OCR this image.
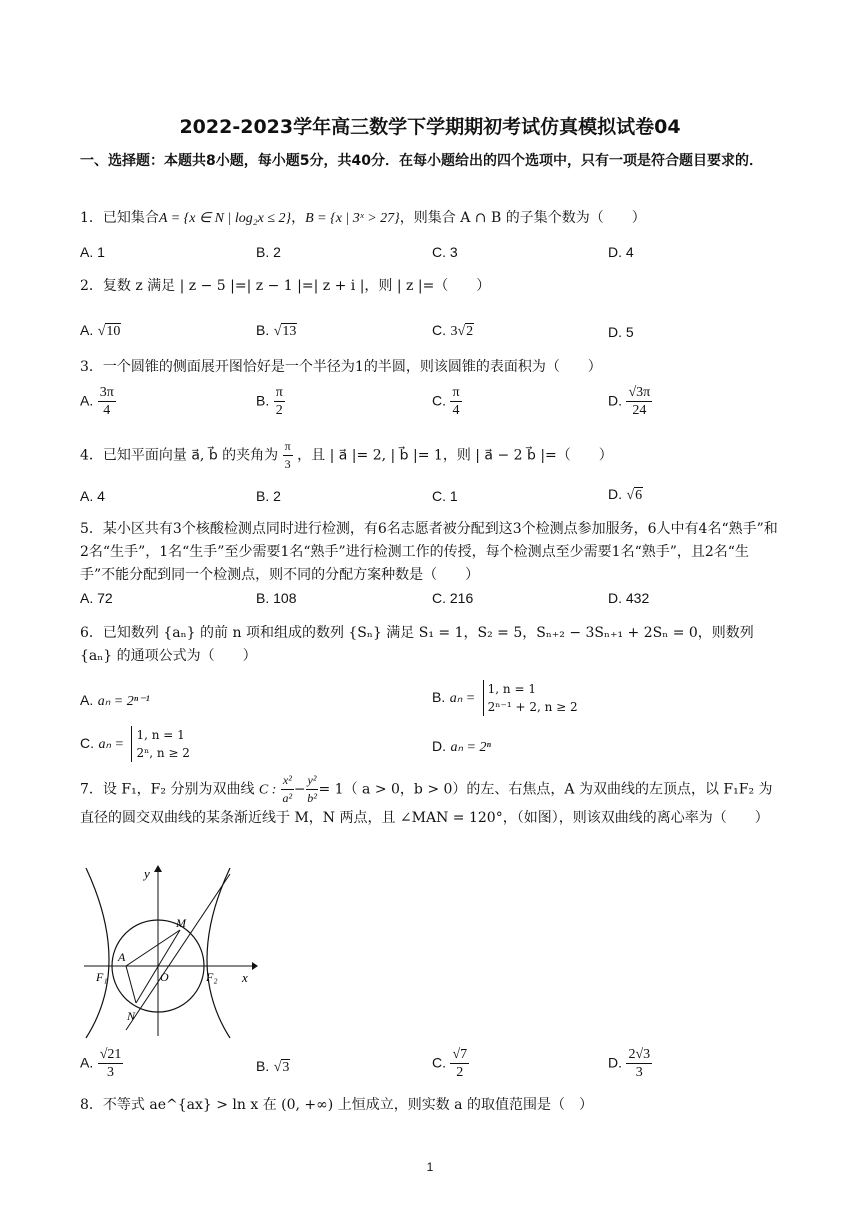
2022-2023学年高三数学下学期期初考试仿真模拟试卷04
一、选择题：本题共8小题，每小题5分，共40分．在每小题给出的四个选项中，只有一项是符合题目要求的．
1．已知集合A = {x ∈ N | log₂x ≤ 2}，B = {x | 3ˣ > 27}，则集合 A ∩ B 的子集个数为（　　）
A. 1	B. 2	C. 3	D. 4
2．复数 z 满足 | z − 5 |=| z − 1 |=| z + i |，则 | z |=（　　）
A. √10	B. √13	C. 3√2	D. 5
3．一个圆锥的侧面展开图恰好是一个半径为1的半圆，则该圆锥的表面积为（　　）
A. $\frac{3\pi}{4}$	B. $\frac{\pi}{2}$	C. $\frac{\pi}{4}$	D. $\frac{√3\pi}{24}$
4．已知平面向量 a⃗, b⃗ 的夹角为 $\frac{\pi}{3}$ ，且 | a⃗ |= 2, | b⃗ |= 1，则 | a⃗ − 2 b⃗ |=（　　）
A. 4	B. 2	C. 1	D. √6
5．某小区共有3个核酸检测点同时进行检测，有6名志愿者被分配到这3个检测点参加服务，6人中有4名“熟手”和2名“生手”，1名“生手”至少需要1名“熟手”进行检测工作的传授，每个检测点至少需要1名“熟手”，且2名“生手”不能分配到同一个检测点，则不同的分配方案种数是（　　）
A. 72	B. 108	C. 216	D. 432
6．已知数列 {aₙ} 的前 n 项和组成的数列 {Sₙ} 满足 S₁ = 1，S₂ = 5，Sₙ₊₂ − 3Sₙ₊₁ + 2Sₙ = 0，则数列 {aₙ} 的通项公式为（　　）
A. aₙ = 2ⁿ⁻¹	B. aₙ =
1, n = 1
2ⁿ⁻¹ + 2, n ≥ 2
C. aₙ =
1, n = 1
2ⁿ, n ≥ 2	D. aₙ = 2ⁿ
7．设 F₁，F₂ 分别为双曲线 C : $\frac{\text{x²}}{\text{a²}} - \frac{\text{y²}}{\text{b²}} = 1$（ a > 0，b > 0）的左、右焦点，A 为双曲线的左顶点，以 F₁F₂ 为直径的圆交双曲线的某条渐近线于 M，N 两点，且 ∠MAN = 120°，（如图），则该双曲线的离心率为（　　）
y
x
M
A
O
F₁	F₂
N
A. $\frac{√21}{3}$	B. √3	C. $\frac{√7}{2}$	D. $\frac{2√3}{3}$
8．不等式 ae^{ax} > ln x 在 (0, +∞) 上恒成立，则实数 a 的取值范围是（　）
1
